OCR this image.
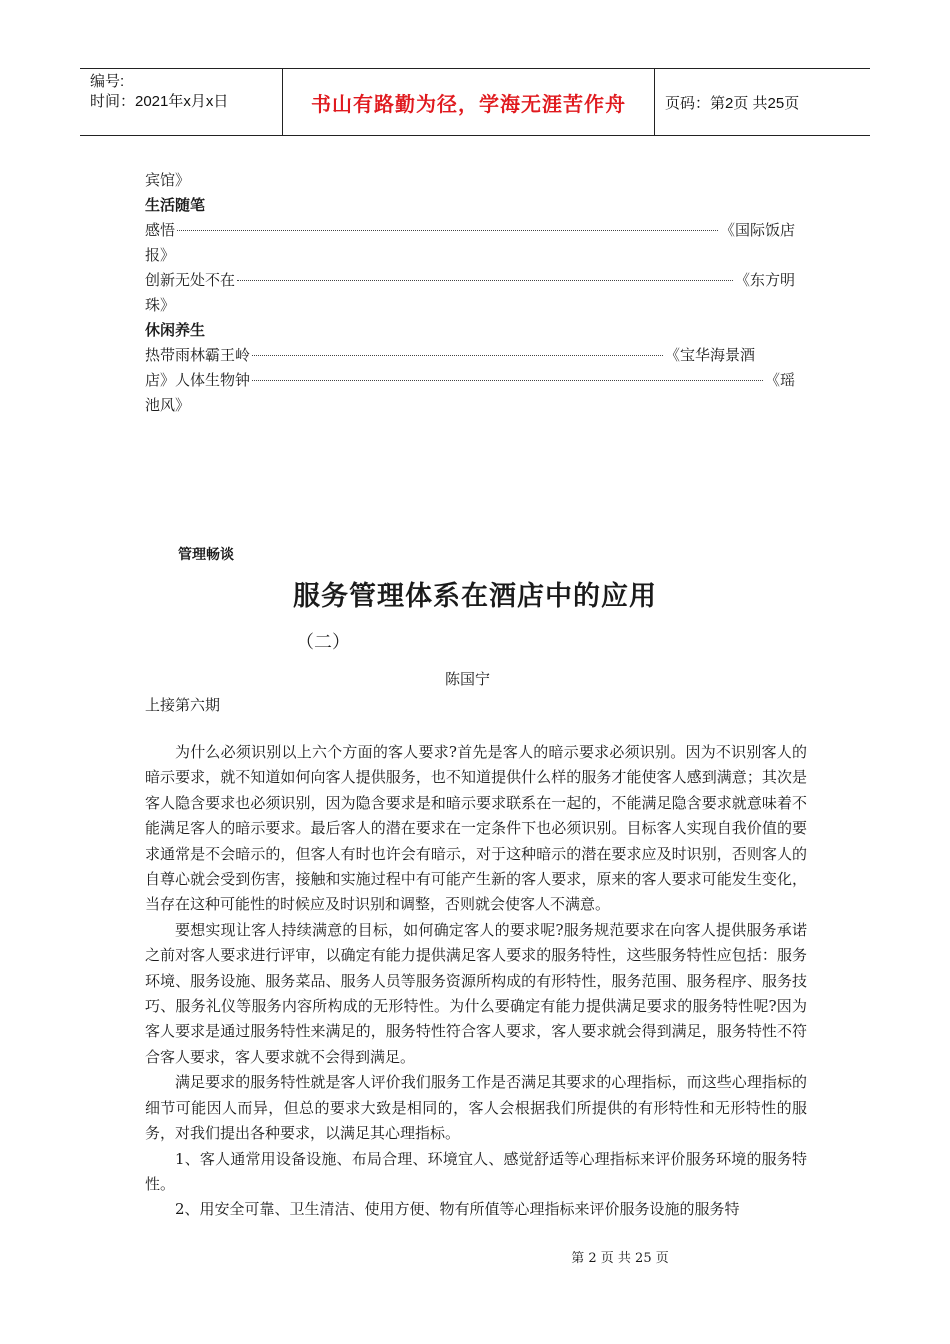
编号:
时间：2021年x月x日	书山有路勤为径，学海无涯苦作舟	页码：第2页 共25页
宾馆》
生活随笔
感悟	《国际饭店
报》
创新无处不在	《东方明
珠》
休闲养生
热带雨林霸王岭	《宝华海景酒
店》人体生物钟	《瑶
池风》
管理畅谈
服务管理体系在酒店中的应用
（二）
陈国宁
上接第六期

为什么必须识别以上六个方面的客人要求?首先是客人的暗示要求必须识别。因为不识别客人的暗示要求，就不知道如何向客人提供服务，也不知道提供什么样的服务才能使客人感到满意；其次是客人隐含要求也必须识别，因为隐含要求是和暗示要求联系在一起的，不能满足隐含要求就意味着不能满足客人的暗示要求。最后客人的潜在要求在一定条件下也必须识别。目标客人实现自我价值的要求通常是不会暗示的，但客人有时也许会有暗示，对于这种暗示的潜在要求应及时识别，否则客人的自尊心就会受到伤害，接触和实施过程中有可能产生新的客人要求，原来的客人要求可能发生变化，当存在这种可能性的时候应及时识别和调整，否则就会使客人不满意。

要想实现让客人持续满意的目标，如何确定客人的要求呢?服务规范要求在向客人提供服务承诺之前对客人要求进行评审，以确定有能力提供满足客人要求的服务特性，这些服务特性应包括：服务环境、服务设施、服务菜品、服务人员等服务资源所构成的有形特性，服务范围、服务程序、服务技巧、服务礼仪等服务内容所构成的无形特性。为什么要确定有能力提供满足要求的服务特性呢?因为客人要求是通过服务特性来满足的，服务特性符合客人要求，客人要求就会得到满足，服务特性不符合客人要求，客人要求就不会得到满足。

满足要求的服务特性就是客人评价我们服务工作是否满足其要求的心理指标，而这些心理指标的细节可能因人而异，但总的要求大致是相同的，客人会根据我们所提供的有形特性和无形特性的服务，对我们提出各种要求，以满足其心理指标。

1、客人通常用设备设施、布局合理、环境宜人、感觉舒适等心理指标来评价服务环境的服务特性。

2、用安全可靠、卫生清洁、使用方便、物有所值等心理指标来评价服务设施的服务特

第 2 页 共 25 页
